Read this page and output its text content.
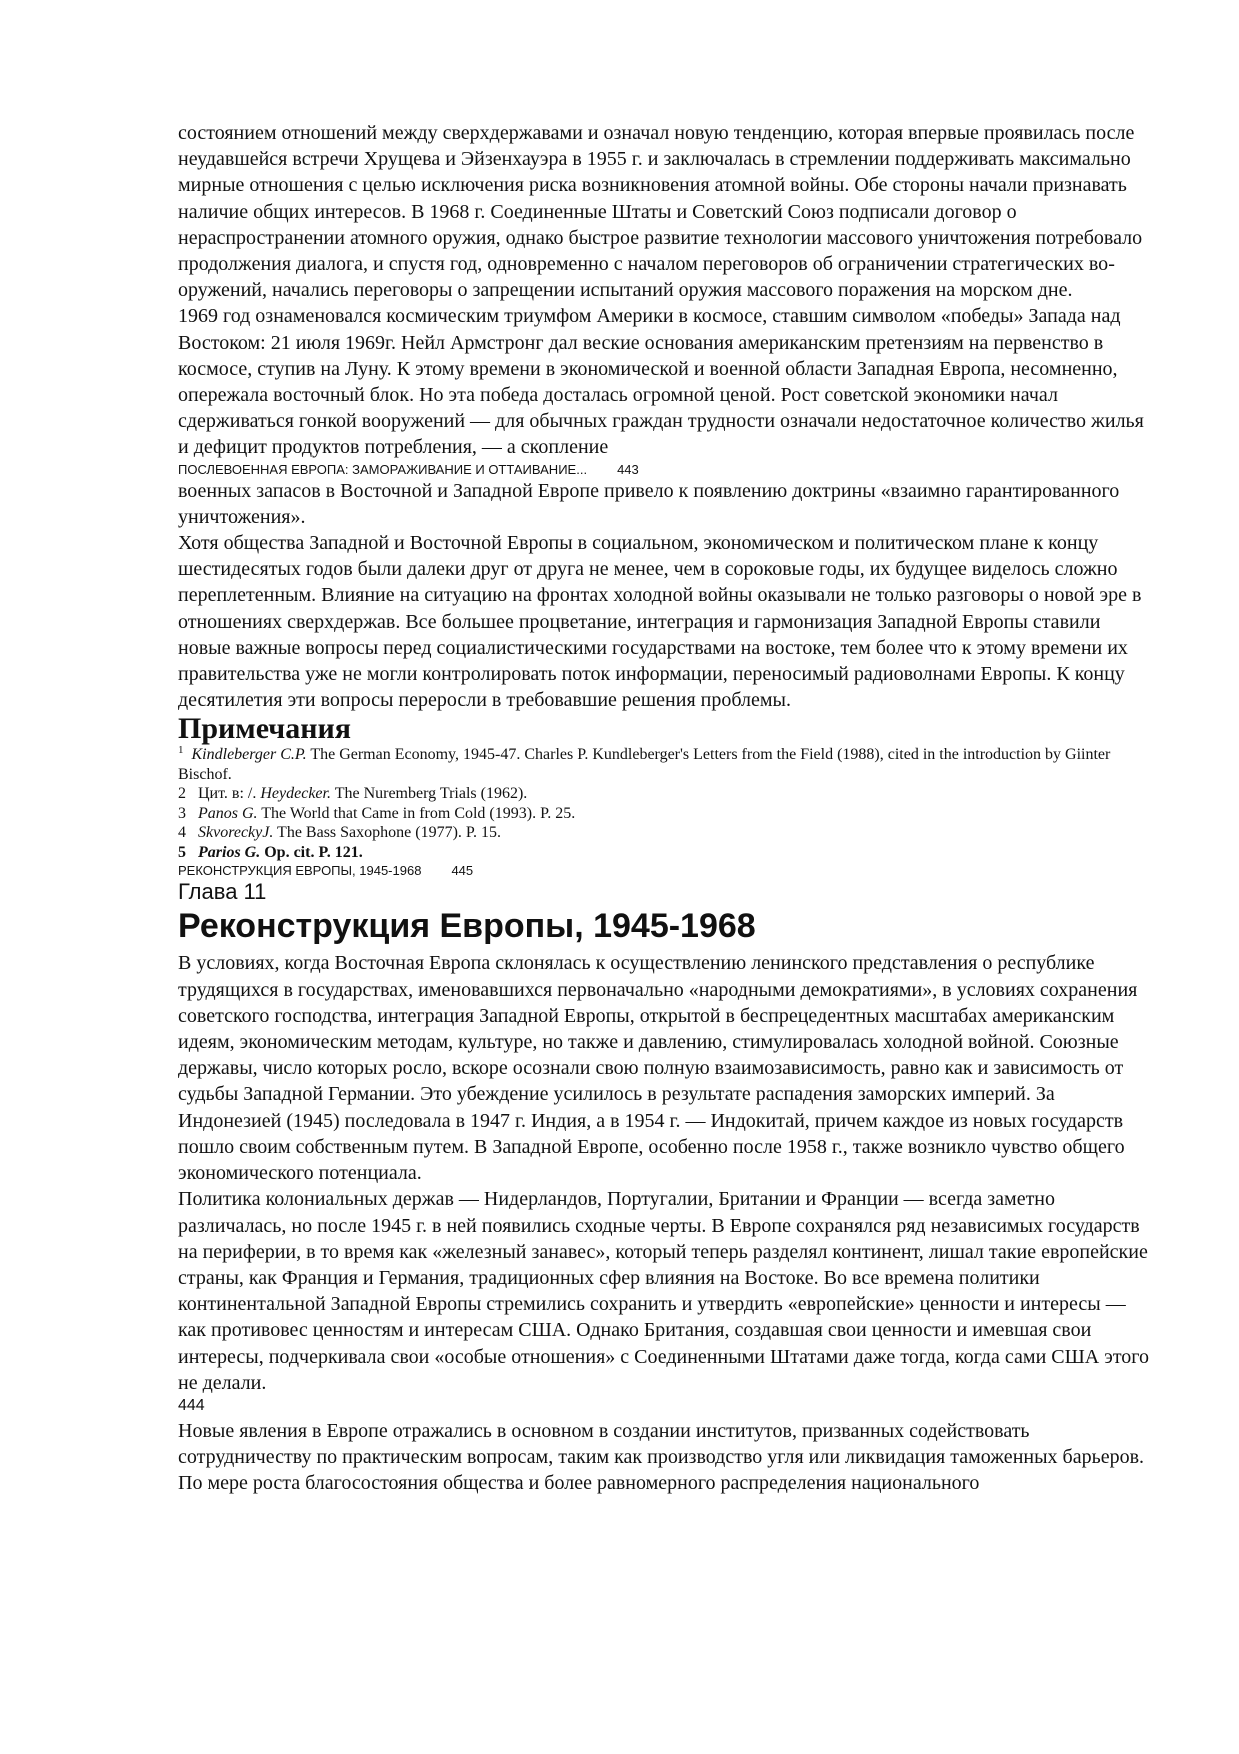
состоянием отношений между сверхдержавами и означал новую тенденцию, которая впервые проявилась после неудавшейся встречи Хрущева и Эйзенхауэра в 1955 г. и заключалась в стремлении поддерживать максимально мирные отношения с целью исключения риска возникновения атомной войны. Обе стороны начали признавать наличие общих интересов. В 1968 г. Соединенные Штаты и Советский Союз подписали договор о нераспространении атомного оружия, однако быстрое развитие технологии массового уничтожения потребовало продолжения диалога, и спустя год, одновременно с началом переговоров об ограничении стратегических вооружений, начались переговоры о запрещении испытаний оружия массового поражения на морском дне.

1969 год ознаменовался космическим триумфом Америки в космосе, ставшим символом «победы» Запада над Востоком: 21 июля 1969г. Нейл Армстронг дал веские основания американским претензиям на первенство в космосе, ступив на Луну. К этому времени в экономической и военной области Западная Европа, несомненно, опережала восточный блок. Но эта победа досталась огромной ценой. Рост советской экономики начал сдерживаться гонкой вооружений — для обычных граждан трудности означали недостаточное количество жилья и дефицит продуктов потребления, — а скопление

ПОСЛЕВОЕННАЯ ЕВРОПА: ЗАМОРАЖИВАНИЕ И ОТТАИВАНИЕ... 443

военных запасов в Восточной и Западной Европе привело к появлению доктрины «взаимно гарантированного уничтожения».

Хотя общества Западной и Восточной Европы в социальном, экономическом и политическом плане к концу шестидесятых годов были далеки друг от друга не менее, чем в сороковые годы, их будущее виделось сложно переплетенным. Влияние на ситуацию на фронтах холодной войны оказывали не только разговоры о новой эре в отношениях сверхдержав. Все большее процветание, интеграция и гармонизация Западной Европы ставили новые важные вопросы перед социалистическими государствами на востоке, тем более что к этому времени их правительства уже не могли контролировать поток информации, переносимый радиоволнами Европы. К концу десятилетия эти вопросы переросли в требовавшие решения проблемы.

Примечания

$^1$ Kindleberger C.P. The German Economy, 1945-47. Charles P. Kundleberger's Letters from the Field (1988), cited in the introduction by Giinter Bischof.

2 Цит. в: /. Heydecker. The Nuremberg Trials (1962).

3 Panos G. The World that Came in from Cold (1993). P. 25.

4 SkvoreckyJ. The Bass Saxophone (1977). P. 15.

5 Parios G. Op. cit. P. 121.

РЕКОНСТРУКЦИЯ ЕВРОПЫ, 1945-1968 445

Глава 11

Реконструкция Европы, 1945-1968

В условиях, когда Восточная Европа склонялась к осуществлению ленинского представления о республике трудящихся в государствах, именовавшихся первоначально «народными демократиями», в условиях сохранения советского господства, интеграция Западной Европы, открытой в беспрецедентных масштабах американским идеям, экономическим методам, культуре, но также и давлению, стимулировалась холодной войной. Союзные державы, число которых росло, вскоре осознали свою полную взаимозависимость, равно как и зависимость от судьбы Западной Германии. Это убеждение усилилось в результате распадения заморских империй. За Индонезией (1945) последовала в 1947 г. Индия, а в 1954 г. — Индокитай, причем каждое из новых государств пошло своим собственным путем. В Западной Европе, особенно после 1958 г., также возникло чувство общего экономического потенциала.

Политика колониальных держав — Нидерландов, Португалии, Британии и Франции — всегда заметно различалась, но после 1945 г. в ней появились сходные черты. В Европе сохранялся ряд независимых государств на периферии, в то время как «железный занавес», который теперь разделял континент, лишал такие европейские страны, как Франция и Германия, традиционных сфер влияния на Востоке. Во все времена политики континентальной Западной Европы стремились сохранить и утвердить «европейские» ценности и интересы — как противовес ценностям и интересам США. Однако Британия, создавшая свои ценности и имевшая свои интересы, подчеркивала свои «особые отношения» с Соединенными Штатами даже тогда, когда сами США этого не делали.

444

Новые явления в Европе отражались в основном в создании институтов, призванных содействовать сотрудничеству по практическим вопросам, таким как производство угля или ликвидация таможенных барьеров. По мере роста благосостояния общества и более равномерного распределения национального
